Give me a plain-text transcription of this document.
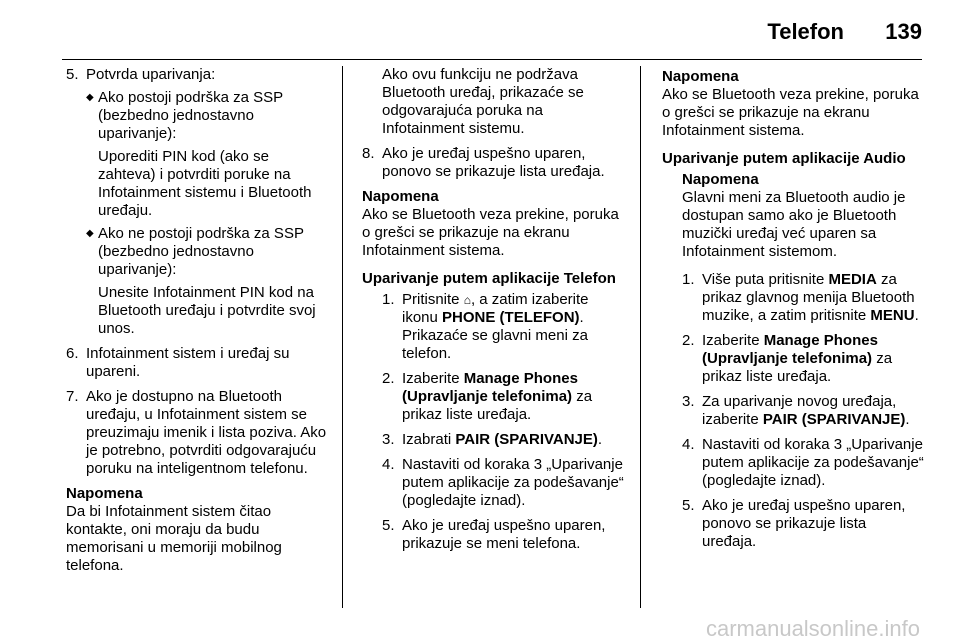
Telefon 139
5. Potvrda uparivanja:
◆ Ako postoji podrška za SSP (bezbedno jednostavno uparivanje):
Uporediti PIN kod (ako se zahteva) i potvrditi poruke na Infotainment sistemu i Bluetooth uređaju.
◆ Ako ne postoji podrška za SSP (bezbedno jednostavno uparivanje):
Unesite Infotainment PIN kod na Bluetooth uređaju i potvrdite svoj unos.
6. Infotainment sistem i uređaj su upareni.
7. Ako je dostupno na Bluetooth uređaju, u Infotainment sistem se preuzimaju imenik i lista poziva. Ako je potrebno, potvrditi odgovarajuću poruku na inteligentnom telefonu.
Napomena
Da bi Infotainment sistem čitao kontakte, oni moraju da budu memorisani u memoriji mobilnog telefona.
Ako ovu funkciju ne podržava Bluetooth uređaj, prikazaće se odgovarajuća poruka na Infotainment sistemu.
8. Ako je uređaj uspešno uparen, ponovo se prikazuje lista uređaja.
Napomena
Ako se Bluetooth veza prekine, poruka o grešci se prikazuje na ekranu Infotainment sistema.
Uparivanje putem aplikacije Telefon
1. Pritisnite ⌂, a zatim izaberite ikonu PHONE (TELEFON). Prikazaće se glavni meni za telefon.
2. Izaberite Manage Phones (Upravljanje telefonima) za prikaz liste uređaja.
3. Izabrati PAIR (SPARIVANJE).
4. Nastaviti od koraka 3 „Uparivanje putem aplikacije za podešavanje“ (pogledajte iznad).
5. Ako je uređaj uspešno uparen, prikazuje se meni telefona.
Napomena
Ako se Bluetooth veza prekine, poruka o grešci se prikazuje na ekranu Infotainment sistema.
Uparivanje putem aplikacije Audio
Napomena
Glavni meni za Bluetooth audio je dostupan samo ako je Bluetooth muzički uređaj već uparen sa Infotainment sistemom.
1. Više puta pritisnite MEDIA za prikaz glavnog menija Bluetooth muzike, a zatim pritisnite MENU.
2. Izaberite Manage Phones (Upravljanje telefonima) za prikaz liste uređaja.
3. Za uparivanje novog uređaja, izaberite PAIR (SPARIVANJE).
4. Nastaviti od koraka 3 „Uparivanje putem aplikacije za podešavanje“ (pogledajte iznad).
5. Ako je uređaj uspešno uparen, ponovo se prikazuje lista uređaja.
carmanualsonline.info
